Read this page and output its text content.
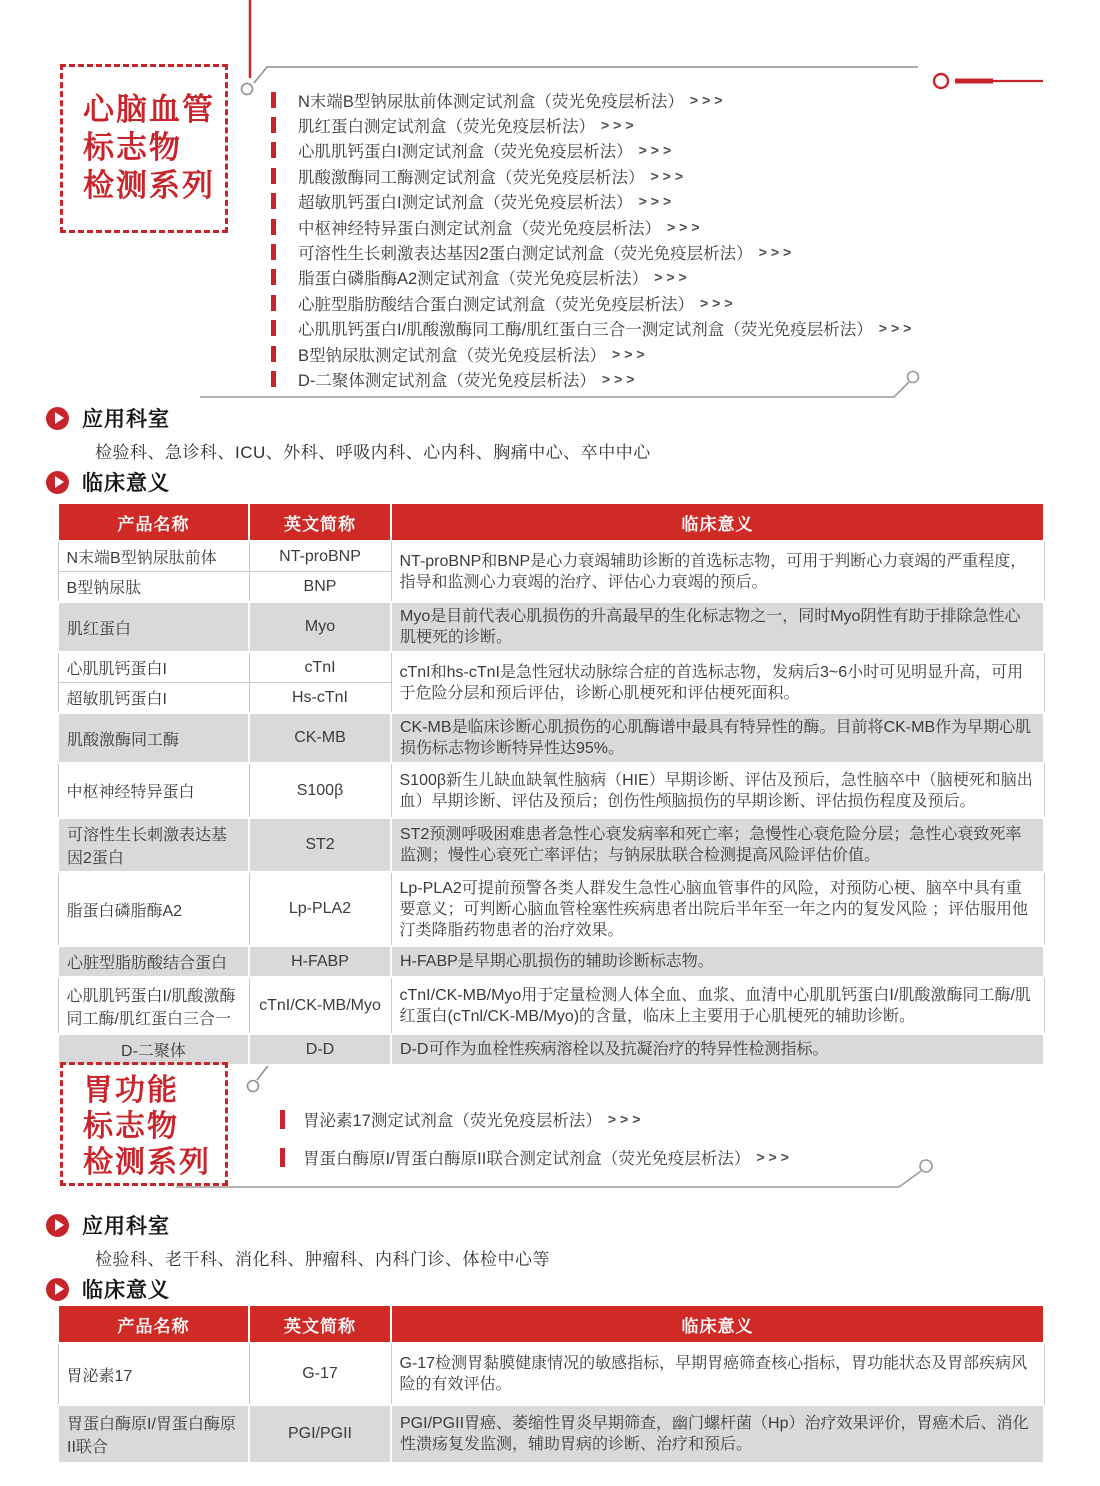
心脑血管
标志物
检测系列
N末端B型钠尿肽前体测定试剂盒（荧光免疫层析法） >>>
肌红蛋白测定试剂盒（荧光免疫层析法） >>>
心肌肌钙蛋白I测定试剂盒（荧光免疫层析法） >>>
肌酸激酶同工酶测定试剂盒（荧光免疫层析法） >>>
超敏肌钙蛋白I测定试剂盒（荧光免疫层析法） >>>
中枢神经特异蛋白测定试剂盒（荧光免疫层析法） >>>
可溶性生长刺激表达基因2蛋白测定试剂盒（荧光免疫层析法） >>>
脂蛋白磷脂酶A2测定试剂盒（荧光免疫层析法） >>>
心脏型脂肪酸结合蛋白测定试剂盒（荧光免疫层析法） >>>
心肌肌钙蛋白I/肌酸激酶同工酶/肌红蛋白三合一测定试剂盒（荧光免疫层析法） >>>
B型钠尿肽测定试剂盒（荧光免疫层析法） >>>
D-二聚体测定试剂盒（荧光免疫层析法） >>>
应用科室
检验科、急诊科、ICU、外科、呼吸内科、心内科、胸痛中心、卒中中心
临床意义
产品名称	英文简称	临床意义
N末端B型钠尿肽前体	NT-proBNP	NT-proBNP和BNP是心力衰竭辅助诊断的首选标志物，可用于判断心力衰竭的严重程度，指导和监测心力衰竭的治疗、评估心力衰竭的预后。
B型钠尿肽	BNP	
肌红蛋白	Myo	Myo是目前代表心肌损伤的升高最早的生化标志物之一，同时Myo阴性有助于排除急性心肌梗死的诊断。
心肌肌钙蛋白I	cTnI	cTnI和hs-cTnI是急性冠状动脉综合症的首选标志物，发病后3~6小时可见明显升高，可用于危险分层和预后评估，诊断心肌梗死和评估梗死面积。
超敏肌钙蛋白I	Hs-cTnI	
肌酸激酶同工酶	CK-MB	CK-MB是临床诊断心肌损伤的心肌酶谱中最具有特异性的酶。目前将CK-MB作为早期心肌损伤标志物诊断特异性达95%。
中枢神经特异蛋白	S100β	S100β新生儿缺血缺氧性脑病（HIE）早期诊断、评估及预后，急性脑卒中（脑梗死和脑出血）早期诊断、评估及预后；创伤性颅脑损伤的早期诊断、评估损伤程度及预后。
可溶性生长刺激表达基因2蛋白	ST2	ST2预测呼吸困难患者急性心衰发病率和死亡率；急慢性心衰危险分层；急性心衰致死率监测；慢性心衰死亡率评估；与钠尿肽联合检测提高风险评估价值。
脂蛋白磷脂酶A2	Lp-PLA2	Lp-PLA2可提前预警各类人群发生急性心脑血管事件的风险，对预防心梗、脑卒中具有重要意义；可判断心脑血管栓塞性疾病患者出院后半年至一年之内的复发风险 ；评估服用他汀类降脂药物患者的治疗效果。
心脏型脂肪酸结合蛋白	H-FABP	H-FABP是早期心肌损伤的辅助诊断标志物。
心肌肌钙蛋白I/肌酸激酶同工酶/肌红蛋白三合一	cTnI/CK-MB/Myo	cTnI/CK-MB/Myo用于定量检测人体全血、血浆、血清中心肌肌钙蛋白Ⅰ/肌酸激酶同工酶/肌红蛋白(cTnl/CK-MB/Myo)的含量，临床上主要用于心肌梗死的辅助诊断。
D-二聚体	D-D	D-D可作为血栓性疾病溶栓以及抗凝治疗的特异性检测指标。
胃功能
标志物
检测系列
胃泌素17测定试剂盒（荧光免疫层析法） >>>
胃蛋白酶原I/胃蛋白酶原II联合测定试剂盒（荧光免疫层析法） >>>
应用科室
检验科、老干科、消化科、肿瘤科、内科门诊、体检中心等
临床意义
产品名称	英文简称	临床意义
胃泌素17	G-17	G-17检测胃黏膜健康情况的敏感指标，早期胃癌筛查核心指标，胃功能状态及胃部疾病风险的有效评估。
胃蛋白酶原I/胃蛋白酶原II联合	PGI/PGII	PGI/PGII胃癌、萎缩性胃炎早期筛查，幽门螺杆菌（Hp）治疗效果评价，胃癌术后、消化性溃疡复发监测，辅助胃病的诊断、治疗和预后。
